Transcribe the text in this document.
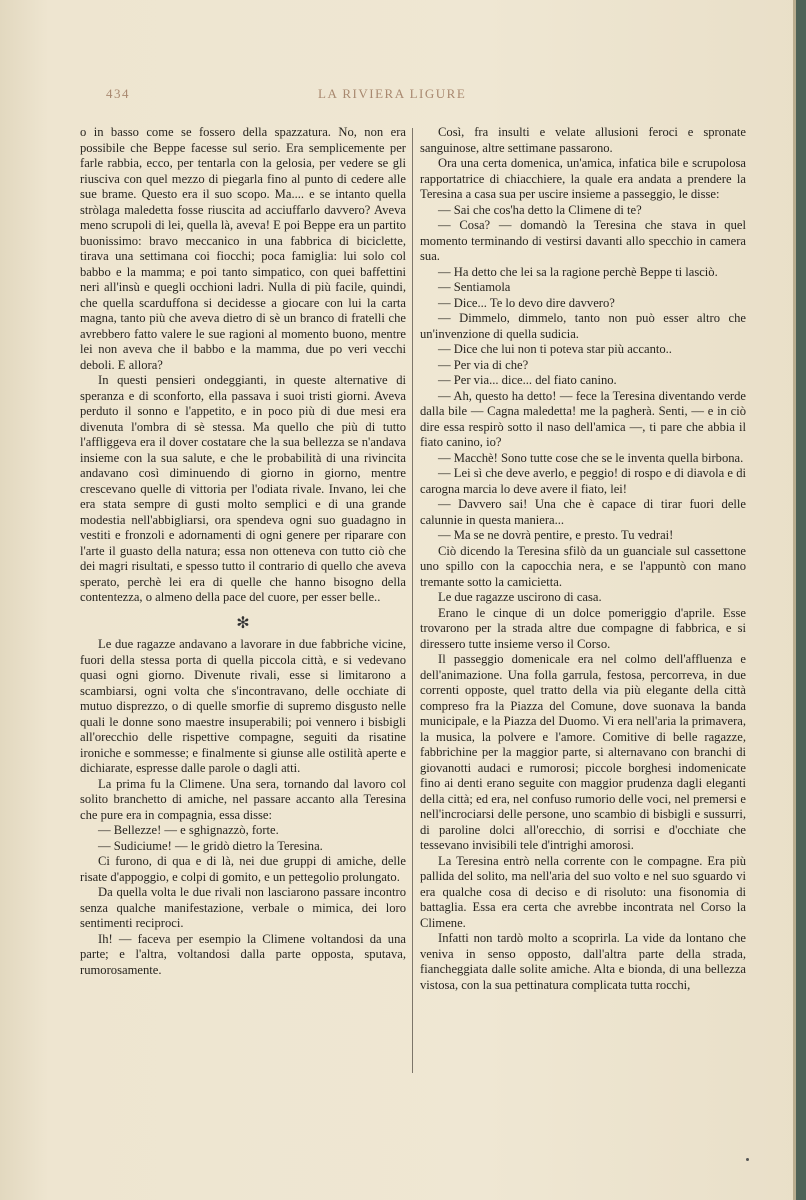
434	LA RIVIERA LIGURE

o in basso come se fossero della spazzatura. No, non era possibile che Beppe facesse sul serio. Era semplicemente per farle rabbia, ecco, per tentarla con la gelosia, per vedere se gli riusciva con quel mezzo di piegarla fino al punto di cedere alle sue brame. Questo era il suo scopo. Ma.... e se intanto quella stròlaga maledetta fosse riuscita ad acciuffarlo davvero? Aveva meno scrupoli di lei, quella là, aveva! E poi Beppe era un partito buonissimo: bravo meccanico in una fabbrica di biciclette, tirava una settimana coi fiocchi; poca famiglia: lui solo col babbo e la mamma; e poi tanto simpatico, con quei baffettini neri all'insù e quegli occhioni ladri. Nulla di più facile, quindi, che quella scarduffona si decidesse a giocare con lui la carta magna, tanto più che aveva dietro di sè un branco di fratelli che avrebbero fatto valere le sue ragioni al momento buono, mentre lei non aveva che il babbo e la mamma, due po veri vecchi deboli. E allora?

In questi pensieri ondeggianti, in queste alternative di speranza e di sconforto, ella passava i suoi tristi giorni. Aveva perduto il sonno e l'appetito, e in poco più di due mesi era divenuta l'ombra di sè stessa. Ma quello che più di tutto l'affliggeva era il dover costatare che la sua bellezza se n'andava insieme con la sua salute, e che le probabilità di una rivincita andavano così diminuendo di giorno in giorno, mentre crescevano quelle di vittoria per l'odiata rivale. Invano, lei che era stata sempre di gusti molto semplici e di una grande modestia nell'abbigliarsi, ora spendeva ogni suo guadagno in vestiti e fronzoli e adornamenti di ogni genere per riparare con l'arte il guasto della natura; essa non otteneva con tutto ciò che dei magri risultati, e spesso tutto il contrario di quello che aveva sperato, perchè lei era di quelle che hanno bisogno della contentezza, o almeno della pace del cuore, per esser belle..

✻

Le due ragazze andavano a lavorare in due fabbriche vicine, fuori della stessa porta di quella piccola città, e si vedevano quasi ogni giorno. Divenute rivali, esse si limitarono a scambiarsi, ogni volta che s'incontravano, delle occhiate di mutuo disprezzo, o di quelle smorfie di supremo disgusto nelle quali le donne sono maestre insuperabili; poi vennero i bisbigli all'orecchio delle rispettive compagne, seguiti da risatine ironiche e sommesse; e finalmente si giunse alle ostilità aperte e dichiarate, espresse dalle parole o dagli atti.

La prima fu la Climene. Una sera, tornando dal lavoro col solito branchetto di amiche, nel passare accanto alla Teresina che pure era in compagnia, essa disse:

— Bellezze! — e sghignazzò, forte.

— Sudiciume! — le gridò dietro la Teresina.

Ci furono, di qua e di là, nei due gruppi di amiche, delle risate d'appoggio, e colpi di gomito, e un pettegolio prolungato.

Da quella volta le due rivali non lasciarono passare incontro senza qualche manifestazione, verbale o mimica, dei loro sentimenti reciproci.

Ih! — faceva per esempio la Climene voltandosi da una parte; e l'altra, voltandosi dalla parte opposta, sputava, rumorosamente.

Così, fra insulti e velate allusioni feroci e spronate sanguinose, altre settimane passarono.

Ora una certa domenica, un'amica, infatica bile e scrupolosa rapportatrice di chiacchiere, la quale era andata a prendere la Teresina a casa sua per uscire insieme a passeggio, le disse:

— Sai che cos'ha detto la Climene di te?

— Cosa? — domandò la Teresina che stava in quel momento terminando di vestirsi davanti allo specchio in camera sua.

— Ha detto che lei sa la ragione perchè Beppe ti lasciò.

— Sentiamola

— Dice... Te lo devo dire davvero?

— Dimmelo, dimmelo, tanto non può esser altro che un'invenzione di quella sudicia.

— Dice che lui non ti poteva star più accanto..

— Per via di che?

— Per via... dice... del fiato canino.

— Ah, questo ha detto! — fece la Teresina diventando verde dalla bile — Cagna maledetta! me la pagherà. Senti, — e in ciò dire essa respirò sotto il naso dell'amica —, ti pare che abbia il fiato canino, io?

— Macchè! Sono tutte cose che se le inventa quella birbona.

— Lei sì che deve averlo, e peggio! di rospo e di diavola e di carogna marcia lo deve avere il fiato, lei!

— Davvero sai! Una che è capace di tirar fuori delle calunnie in questa maniera...

— Ma se ne dovrà pentire, e presto. Tu vedrai!

Ciò dicendo la Teresina sfilò da un guanciale sul cassettone uno spillo con la capocchia nera, e se l'appuntò con mano tremante sotto la camicietta.

Le due ragazze uscirono di casa.

Erano le cinque di un dolce pomeriggio d'aprile. Esse trovarono per la strada altre due compagne di fabbrica, e si diressero tutte insieme verso il Corso.

Il passeggio domenicale era nel colmo dell'affluenza e dell'animazione. Una folla garrula, festosa, percorreva, in due correnti opposte, quel tratto della via più elegante della città compreso fra la Piazza del Comune, dove suonava la banda municipale, e la Piazza del Duomo. Vi era nell'aria la primavera, la musica, la polvere e l'amore. Comitive di belle ragazze, fabbrichine per la maggior parte, si alternavano con branchi di giovanotti audaci e rumorosi; piccole borghesi indomenicate fino ai denti erano seguite con maggior prudenza dagli eleganti della città; ed era, nel confuso rumorio delle voci, nel premersi e nell'incrociarsi delle persone, uno scambio di bisbigli e sussurri, di paroline dolci all'orecchio, di sorrisi e d'occhiate che tessevano invisibili tele d'intrighi amorosi.

La Teresina entrò nella corrente con le compagne. Era più pallida del solito, ma nell'aria del suo volto e nel suo sguardo vi era qualche cosa di deciso e di risoluto: una fisonomia di battaglia. Essa era certa che avrebbe incontrata nel Corso la Climene.

Infatti non tardò molto a scoprirla. La vide da lontano che veniva in senso opposto, dall'altra parte della strada, fiancheggiata dalle solite amiche. Alta e bionda, di una bellezza vistosa, con la sua pettinatura complicata tutta rocchi,
